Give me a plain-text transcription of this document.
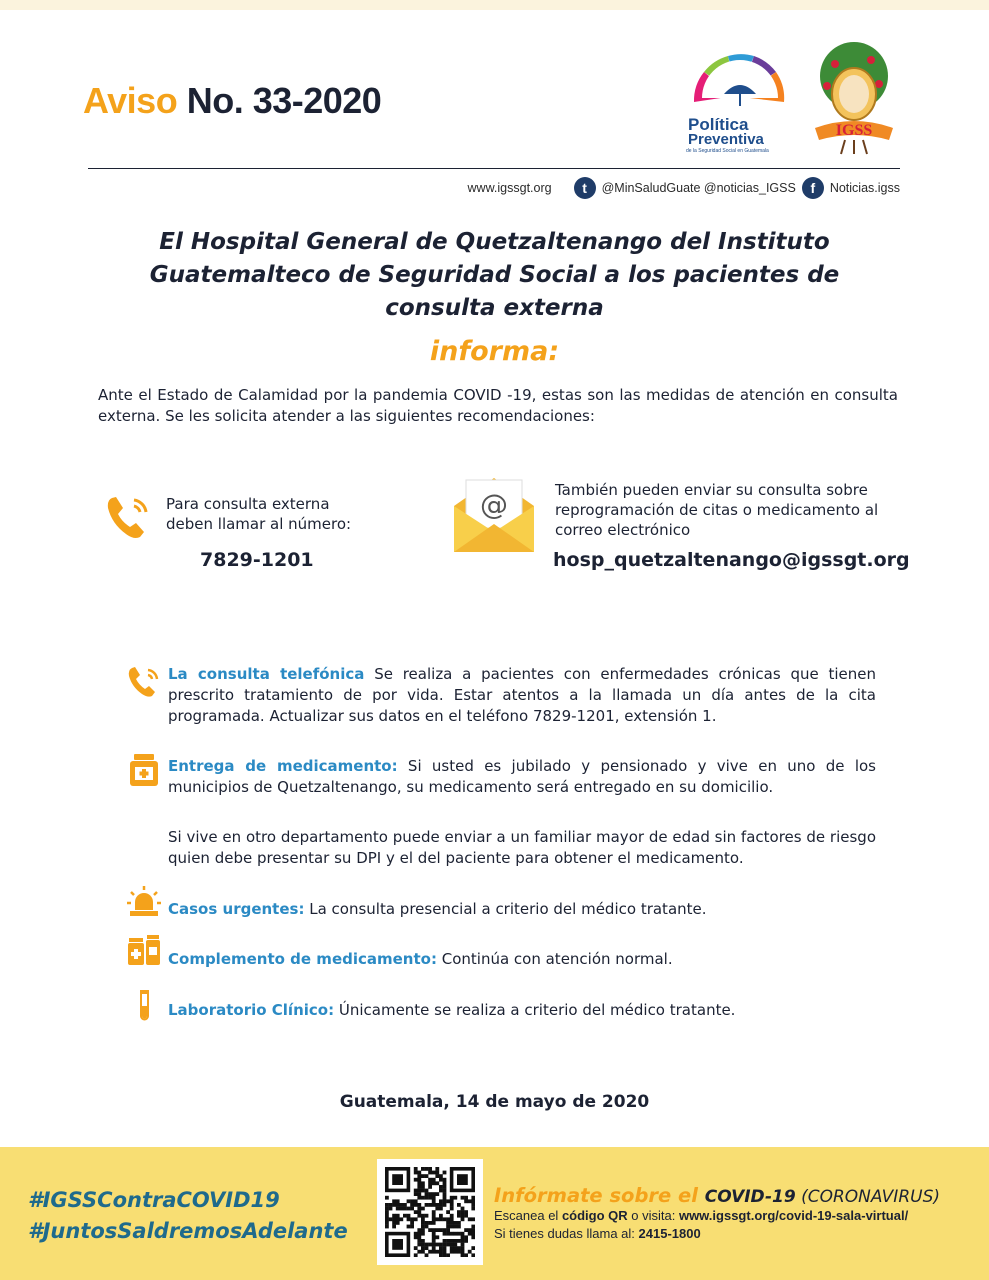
Aviso No. 33-2020
Política
Preventiva
de la Seguridad Social en Guatemala
IGSS
www.igssgt.org	t	@MinSaludGuate @noticias_IGSS	f	Noticias.igss
El Hospital General de Quetzaltenango del Instituto Guatemalteco de Seguridad Social a los pacientes de consulta externa
informa:
Ante el Estado de Calamidad por la pandemia COVID -19, estas son las medidas de atención en consulta externa. Se les solicita atender a las siguientes recomendaciones:
Para consulta externa
deben llamar al número:
7829-1201
@	También pueden enviar su consulta sobre
reprogramación de citas o medicamento al
correo electrónico
hosp_quetzaltenango@igssgt.org
La consulta telefónica Se realiza a pacientes con enfermedades crónicas que tienen prescrito tratamiento de por vida. Estar atentos a la llamada un día antes de la cita programada. Actualizar sus datos en el teléfono 7829-1201, extensión 1.
Entrega de medicamento: Si usted es jubilado y pensionado y vive en uno de los municipios de Quetzaltenango, su medicamento será entregado en su domicilio.
Si vive en otro departamento puede enviar a un familiar mayor de edad sin factores de riesgo quien debe presentar su DPI y el del paciente para obtener el medicamento.
Casos urgentes: La consulta presencial a criterio del médico tratante.
Complemento de medicamento: Continúa con atención normal.
Laboratorio Clínico: Únicamente se realiza a criterio del médico tratante.
Guatemala, 14 de mayo de 2020
#IGSSContraCOVID19
#JuntosSaldremosAdelante
Infórmate sobre el COVID-19 (CORONAVIRUS)
Escanea el código QR o visita: www.igssgt.org/covid-19-sala-virtual/
Si tienes dudas llama al: 2415-1800
